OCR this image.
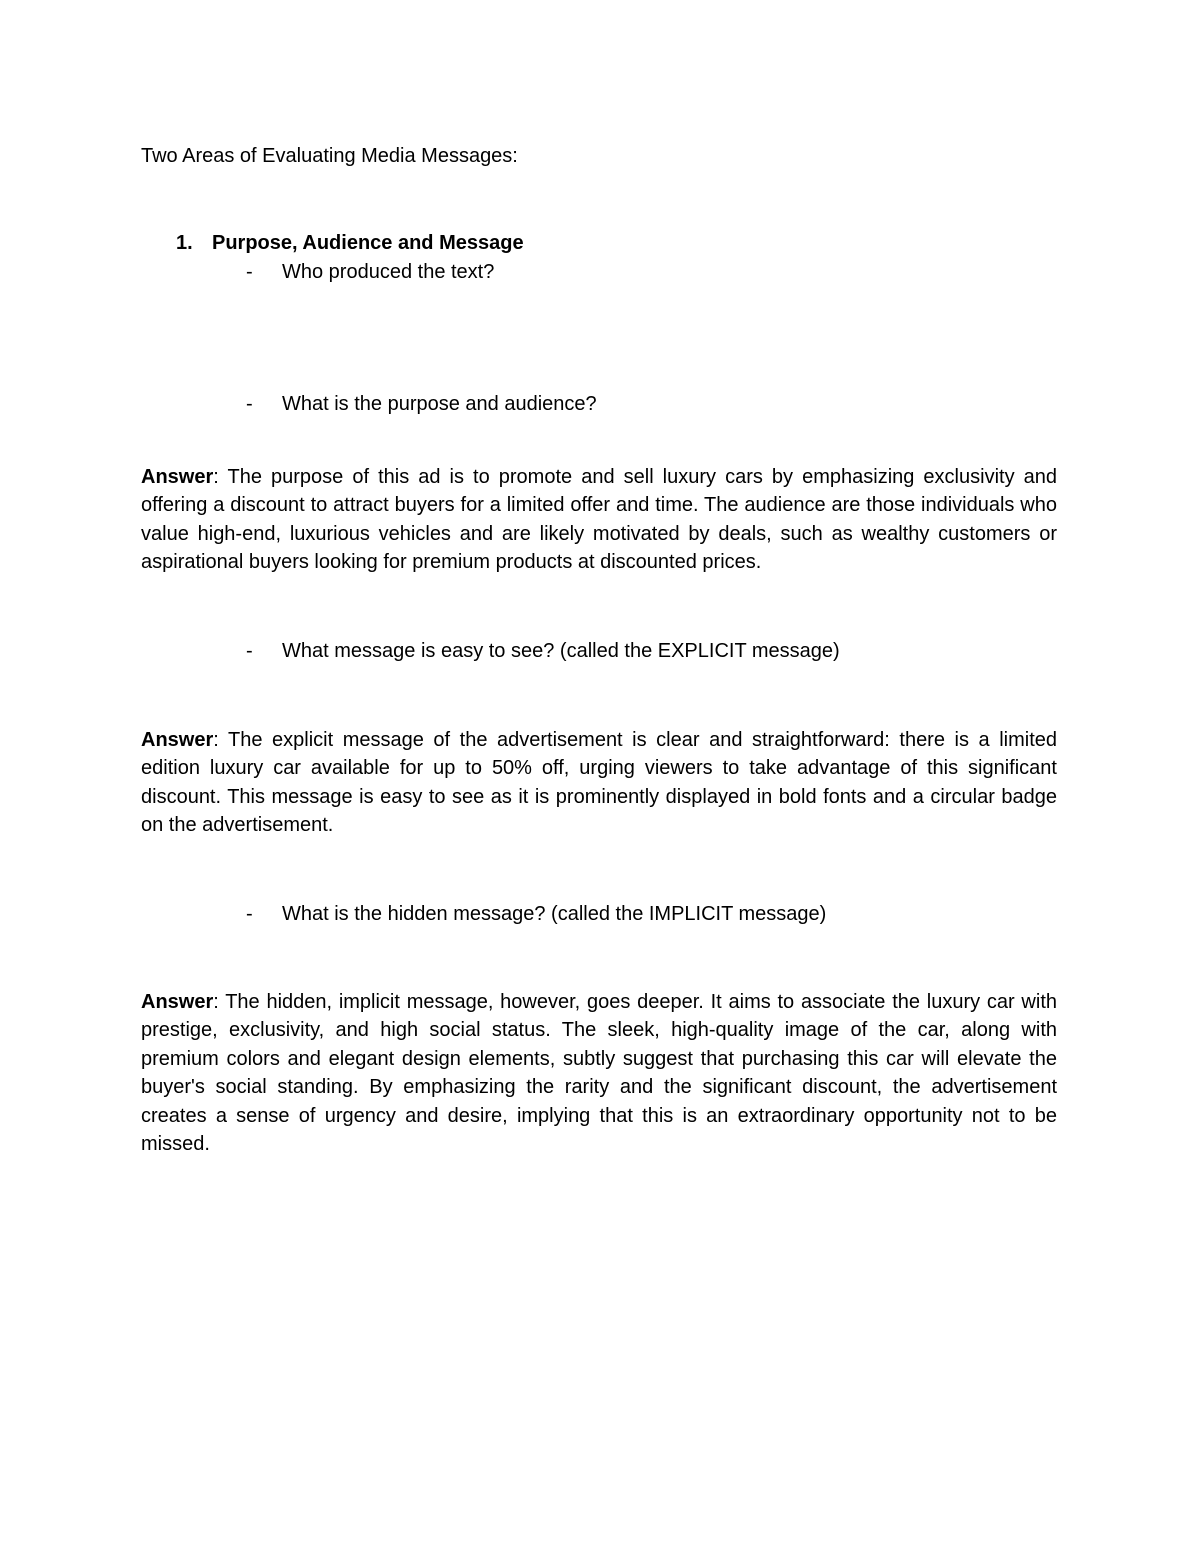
Two Areas of Evaluating Media Messages:
1. Purpose, Audience and Message
- Who produced the text?
- What is the purpose and audience?
Answer: The purpose of this ad is to promote and sell luxury cars by emphasizing exclusivity and offering a discount to attract buyers for a limited offer and time. The audience are those individuals who value high-end, luxurious vehicles and are likely motivated by deals, such as wealthy customers or aspirational buyers looking for premium products at discounted prices.
- What message is easy to see? (called the EXPLICIT message)
Answer: The explicit message of the advertisement is clear and straightforward: there is a limited edition luxury car available for up to 50% off, urging viewers to take advantage of this significant discount. This message is easy to see as it is prominently displayed in bold fonts and a circular badge on the advertisement.
- What is the hidden message? (called the IMPLICIT message)
Answer: The hidden, implicit message, however, goes deeper. It aims to associate the luxury car with prestige, exclusivity, and high social status. The sleek, high-quality image of the car, along with premium colors and elegant design elements, subtly suggest that purchasing this car will elevate the buyer's social standing. By emphasizing the rarity and the significant discount, the advertisement creates a sense of urgency and desire, implying that this is an extraordinary opportunity not to be missed.
